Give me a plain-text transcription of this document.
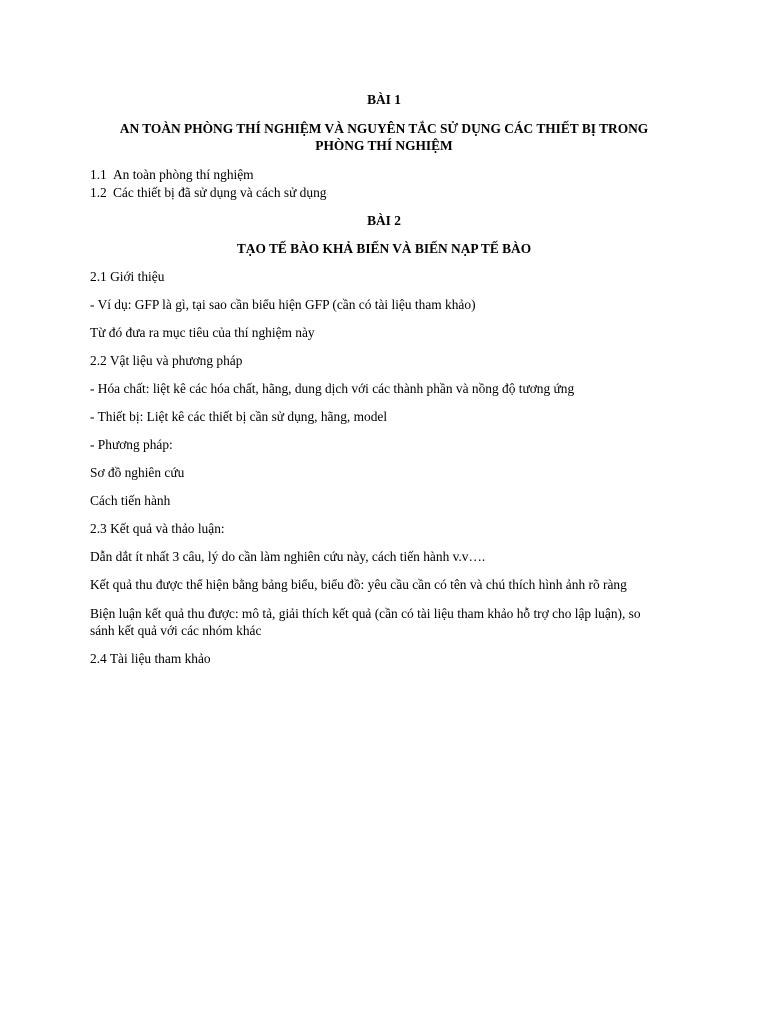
BÀI 1
AN TOÀN PHÒNG THÍ NGHIỆM VÀ NGUYÊN TẮC SỬ DỤNG CÁC THIẾT BỊ TRONG
PHÒNG THÍ NGHIỆM
1.1 An toàn phòng thí nghiệm
1.2 Các thiết bị đã sử dụng và cách sử dụng
BÀI 2
TẠO TẾ BÀO KHẢ BIẾN VÀ BIẾN NẠP TẾ BÀO
2.1 Giới thiệu
- Ví dụ: GFP là gì, tại sao cần biểu hiện GFP (cần có tài liệu tham khảo)
Từ đó đưa ra mục tiêu của thí nghiệm này
2.2 Vật liệu và phương pháp
- Hóa chất: liệt kê các hóa chất, hãng, dung dịch với các thành phần và nồng độ tương ứng
- Thiết bị: Liệt kê các thiết bị cần sử dụng, hãng, model
- Phương pháp:
Sơ đồ nghiên cứu
Cách tiến hành
2.3 Kết quả và thảo luận:
Dẫn dắt ít nhất 3 câu, lý do cần làm nghiên cứu này, cách tiến hành v.v….
Kết quả thu được thể hiện bằng bảng biểu, biểu đồ: yêu cầu cần có tên và chú thích hình ảnh rõ ràng
Biện luận kết quả thu được: mô tả, giải thích kết quả (cần có tài liệu tham khảo hỗ trợ cho lập luận), so
sánh kết quả với các nhóm khác
2.4 Tài liệu tham khảo
